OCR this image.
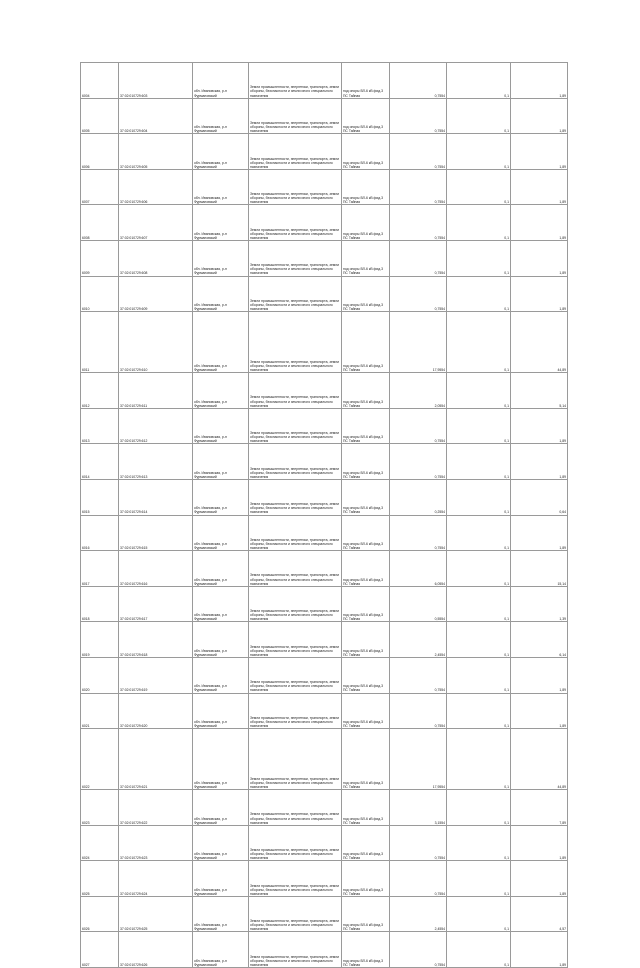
6004	37:02:010729:603	обл. Ивановская, р-н Фурмановский	Земли промышленности, энергетики, транспорта, земли обороны, безопасности и земли иного специального назначения	под опоры ВЛ-6 кВ фид.3 ПС Тайная	0,7554	0,1	1,89
6005	37:02:010729:604	обл. Ивановская, р-н Фурмановский	Земли промышленности, энергетики, транспорта, земли обороны, безопасности и земли иного специального назначения	под опоры ВЛ-6 кВ фид.3 ПС Тайная	0,7554	0,1	1,89
6006	37:02:010729:605	обл. Ивановская, р-н Фурмановский	Земли промышленности, энергетики, транспорта, земли обороны, безопасности и земли иного специального назначения	под опоры ВЛ-6 кВ фид.3 ПС Тайная	0,7554	0,1	1,89
6007	37:02:010729:606	обл. Ивановская, р-н Фурмановский	Земли промышленности, энергетики, транспорта, земли обороны, безопасности и земли иного специального назначения	под опоры ВЛ-6 кВ фид.3 ПС Тайная	0,7554	0,1	1,89
6008	37:02:010729:607	обл. Ивановская, р-н Фурмановский	Земли промышленности, энергетики, транспорта, земли обороны, безопасности и земли иного специального назначения	под опоры ВЛ-6 кВ фид.3 ПС Тайная	0,7554	0,1	1,89
6009	37:02:010729:608	обл. Ивановская, р-н Фурмановский	Земли промышленности, энергетики, транспорта, земли обороны, безопасности и земли иного специального назначения	под опоры ВЛ-6 кВ фид.3 ПС Тайная	0,7554	0,1	1,89
6010	37:02:010729:609	обл. Ивановская, р-н Фурмановский	Земли промышленности, энергетики, транспорта, земли обороны, безопасности и земли иного специального назначения	под опоры ВЛ-6 кВ фид.3 ПС Тайная	0,7554	0,1	1,89
6011	37:02:010729:610	обл. Ивановская, р-н Фурмановский	Земли промышленности, энергетики, транспорта, земли обороны, безопасности и земли иного специального назначения	под опоры ВЛ-6 кВ фид.3 ПС Тайная	17,9554	0,1	44,89
6012	37:02:010729:611	обл. Ивановская, р-н Фурмановский	Земли промышленности, энергетики, транспорта, земли обороны, безопасности и земли иного специального назначения	под опоры ВЛ-6 кВ фид.3 ПС Тайная	2,0554	0,1	5,14
6013	37:02:010729:612	обл. Ивановская, р-н Фурмановский	Земли промышленности, энергетики, транспорта, земли обороны, безопасности и земли иного специального назначения	под опоры ВЛ-6 кВ фид.3 ПС Тайная	0,7554	0,1	1,89
6014	37:02:010729:613	обл. Ивановская, р-н Фурмановский	Земли промышленности, энергетики, транспорта, земли обороны, безопасности и земли иного специального назначения	под опоры ВЛ-6 кВ фид.3 ПС Тайная	0,7554	0,1	1,89
6015	37:02:010729:614	обл. Ивановская, р-н Фурмановский	Земли промышленности, энергетики, транспорта, земли обороны, безопасности и земли иного специального назначения	под опоры ВЛ-6 кВ фид.3 ПС Тайная	0,2554	0,1	0,64
6016	37:02:010729:615	обл. Ивановская, р-н Фурмановский	Земли промышленности, энергетики, транспорта, земли обороны, безопасности и земли иного специального назначения	под опоры ВЛ-6 кВ фид.3 ПС Тайная	0,7554	0,1	1,89
6017	37:02:010729:616	обл. Ивановская, р-н Фурмановский	Земли промышленности, энергетики, транспорта, земли обороны, безопасности и земли иного специального назначения	под опоры ВЛ-6 кВ фид.3 ПС Тайная	6,0554	0,1	15,14
6018	37:02:010729:617	обл. Ивановская, р-н Фурмановский	Земли промышленности, энергетики, транспорта, земли обороны, безопасности и земли иного специального назначения	под опоры ВЛ-6 кВ фид.3 ПС Тайная	0,5554	0,1	1,39
6019	37:02:010729:618	обл. Ивановская, р-н Фурмановский	Земли промышленности, энергетики, транспорта, земли обороны, безопасности и земли иного специального назначения	под опоры ВЛ-6 кВ фид.3 ПС Тайная	2,4554	0,1	6,14
6020	37:02:010729:619	обл. Ивановская, р-н Фурмановский	Земли промышленности, энергетики, транспорта, земли обороны, безопасности и земли иного специального назначения	под опоры ВЛ-6 кВ фид.3 ПС Тайная	0,7554	0,1	1,89
6021	37:02:010729:620	обл. Ивановская, р-н Фурмановский	Земли промышленности, энергетики, транспорта, земли обороны, безопасности и земли иного специального назначения	под опоры ВЛ-6 кВ фид.3 ПС Тайная	0,7554	0,1	1,89
6022	37:02:010729:621	обл. Ивановская, р-н Фурмановский	Земли промышленности, энергетики, транспорта, земли обороны, безопасности и земли иного специального назначения	под опоры ВЛ-6 кВ фид.3 ПС Тайная	17,9554	0,1	44,89
6023	37:02:010729:622	обл. Ивановская, р-н Фурмановский	Земли промышленности, энергетики, транспорта, земли обороны, безопасности и земли иного специального назначения	под опоры ВЛ-6 кВ фид.3 ПС Тайная	3,1554	0,1	7,89
6024	37:02:010729:623	обл. Ивановская, р-н Фурмановский	Земли промышленности, энергетики, транспорта, земли обороны, безопасности и земли иного специального назначения	под опоры ВЛ-6 кВ фид.3 ПС Тайная	0,7554	0,1	1,89
6025	37:02:010729:624	обл. Ивановская, р-н Фурмановский	Земли промышленности, энергетики, транспорта, земли обороны, безопасности и земли иного специального назначения	под опоры ВЛ-6 кВ фид.3 ПС Тайная	0,7554	0,1	1,89
6026	37:02:010729:625	обл. Ивановская, р-н Фурмановский	Земли промышленности, энергетики, транспорта, земли обороны, безопасности и земли иного специального назначения	под опоры ВЛ-6 кВ фид.3 ПС Тайная	2,4554	0,1	4,57
6027	37:02:010729:626	обл. Ивановская, р-н Фурмановский	Земли промышленности, энергетики, транспорта, земли обороны, безопасности и земли иного специального назначения	под опоры ВЛ-6 кВ фид.3 ПС Тайная	0,7554	0,1	1,89
